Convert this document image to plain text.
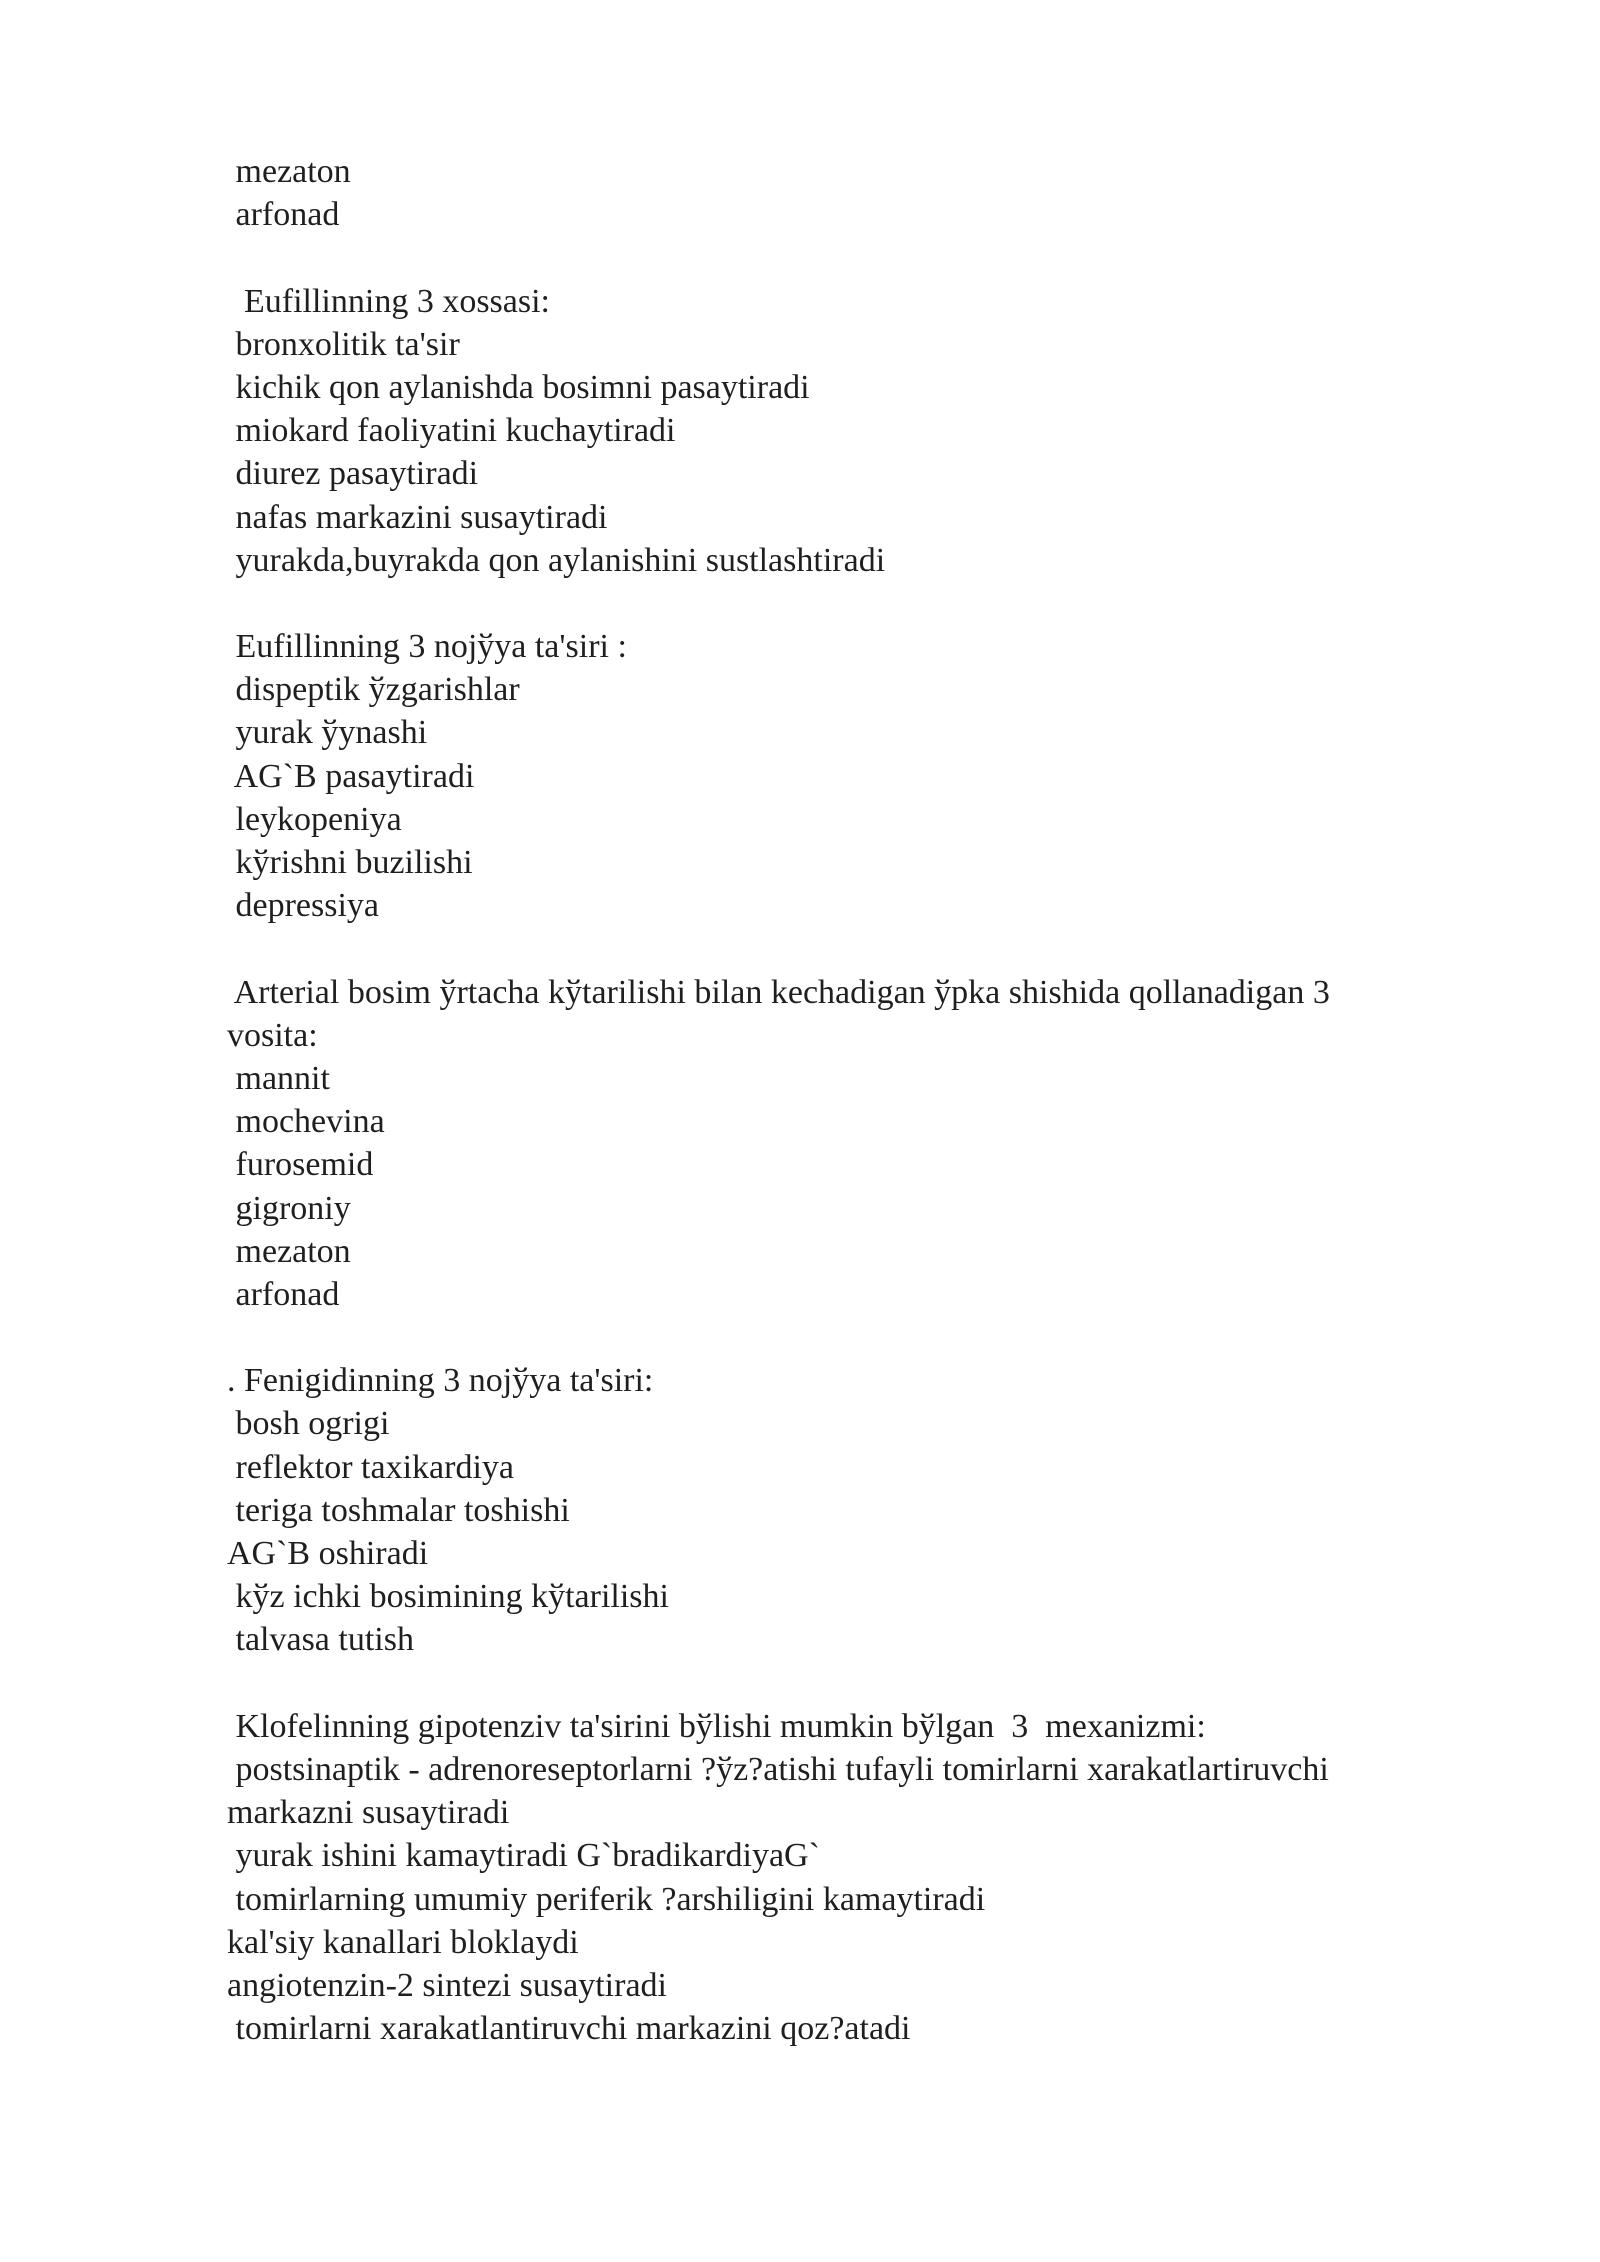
mezaton
arfonad
Eufillinning 3 xossasi:
bronxolitik ta'sir
kichik qon aylanishda bosimni pasaytiradi
miokard faoliyatini kuchaytiradi
diurez pasaytiradi
nafas markazini susaytiradi
yurakda,buyrakda qon aylanishini sustlashtiradi
Eufillinning 3 nojўya ta'siri :
dispeptik ўzgarishlar
yurak ўynashi
AG`B pasaytiradi
leykopeniya
kўrishni buzilishi
depressiya
Arterial bosim ўrtacha kўtarilishi bilan kechadigan ўpka shishida qollanadigan 3
vosita:
mannit
mochevina
furosemid
gigroniy
mezaton
arfonad
. Fenigidinning 3 nojўya ta'siri:
bosh ogrigi
reflektor taxikardiya
teriga toshmalar toshishi
AG`B oshiradi
kўz ichki bosimining kўtarilishi
talvasa tutish
Klofelinning gipotenziv ta'sirini bўlishi mumkin bўlgan  3  mexanizmi:
postsinaptik - adrenoreseptorlarni ?ўz?atishi tufayli tomirlarni xarakatlartiruvchi
markazni susaytiradi
yurak ishini kamaytiradi G`bradikardiyaG`
tomirlarning umumiy periferik ?arshiligini kamaytiradi
kal'siy kanallari bloklaydi
angiotenzin-2 sintezi susaytiradi
tomirlarni xarakatlantiruvchi markazini qoz?atadi
